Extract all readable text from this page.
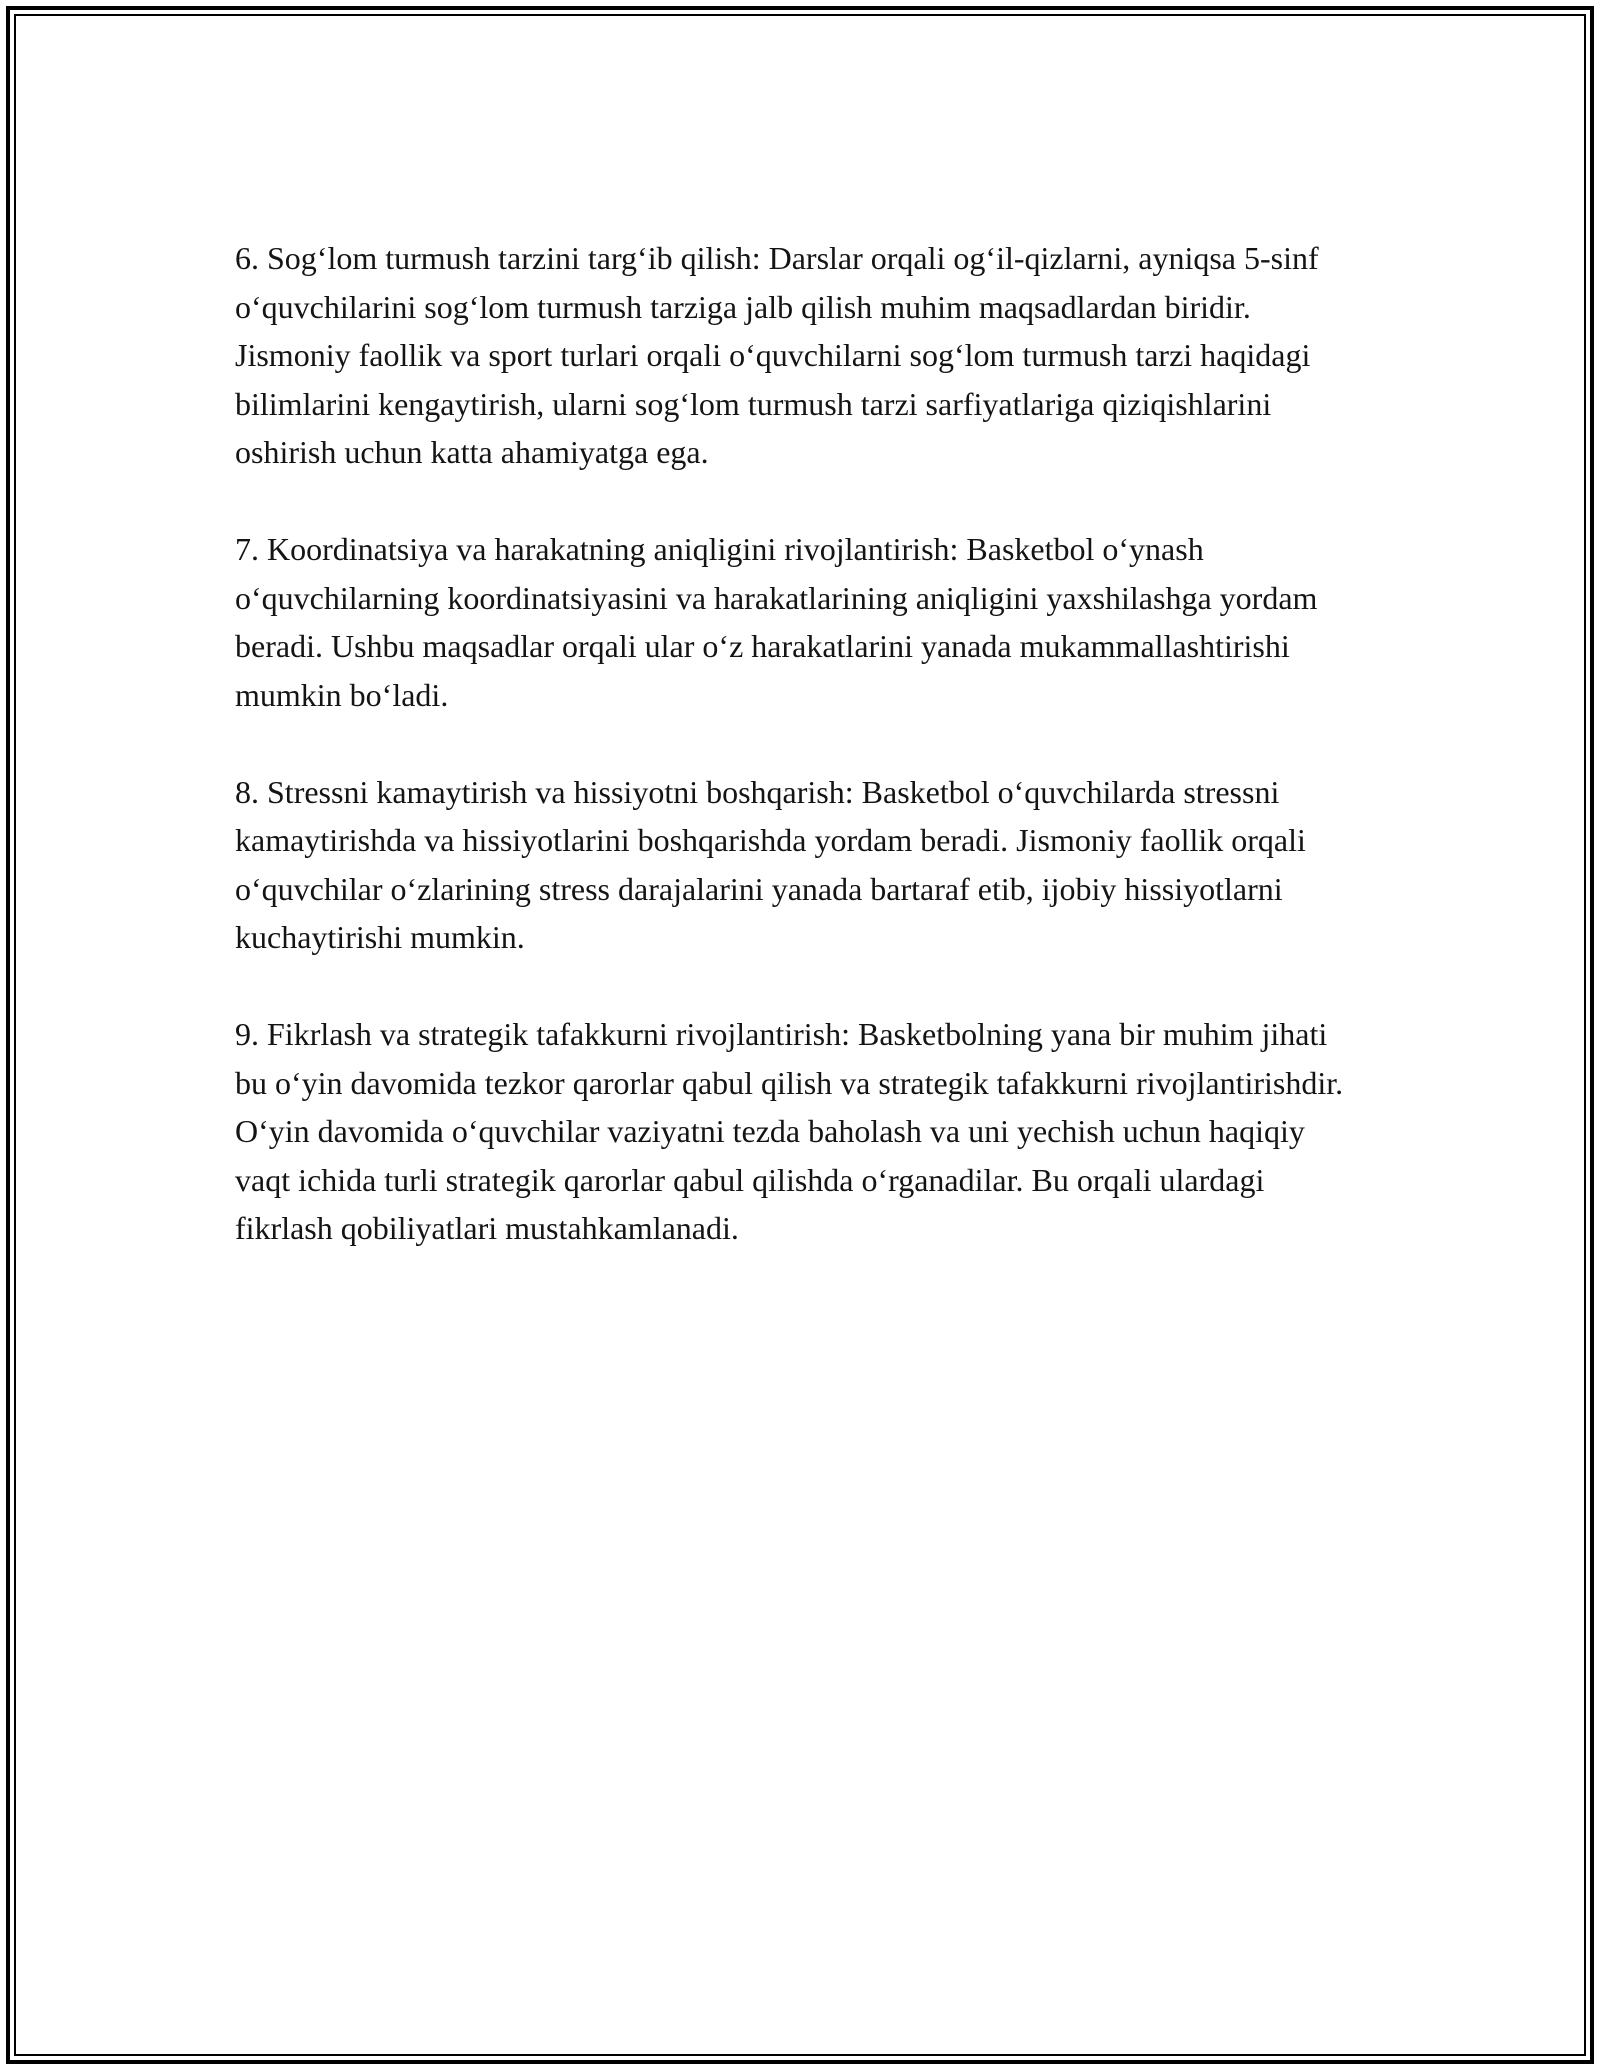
6. Sog‘lom turmush tarzini targ‘ib qilish: Darslar orqali og‘il-qizlarni, ayniqsa 5-sinf o‘quvchilarini sog‘lom turmush tarziga jalb qilish muhim maqsadlardan biridir. Jismoniy faollik va sport turlari orqali o‘quvchilarni sog‘lom turmush tarzi haqidagi bilimlarini kengaytirish, ularni sog‘lom turmush tarzi sarfiyatlariga qiziqishlarini oshirish uchun katta ahamiyatga ega.

7. Koordinatsiya va harakatning aniqligini rivojlantirish: Basketbol o‘ynash o‘quvchilarning koordinatsiyasini va harakatlarining aniqligini yaxshilashga yordam beradi. Ushbu maqsadlar orqali ular o‘z harakatlarini yanada mukammallashtirishi mumkin bo‘ladi.

8. Stressni kamaytirish va hissiyotni boshqarish: Basketbol o‘quvchilarda stressni kamaytirishda va hissiyotlarini boshqarishda yordam beradi. Jismoniy faollik orqali o‘quvchilar o‘zlarining stress darajalarini yanada bartaraf etib, ijobiy hissiyotlarni kuchaytirishi mumkin.

9. Fikrlash va strategik tafakkurni rivojlantirish: Basketbolning yana bir muhim jihati bu o‘yin davomida tezkor qarorlar qabul qilish va strategik tafakkurni rivojlantirishdir. O‘yin davomida o‘quvchilar vaziyatni tezda baholash va uni yechish uchun haqiqiy vaqt ichida turli strategik qarorlar qabul qilishda o‘rganadilar. Bu orqali ulardagi fikrlash qobiliyatlari mustahkamlanadi.
